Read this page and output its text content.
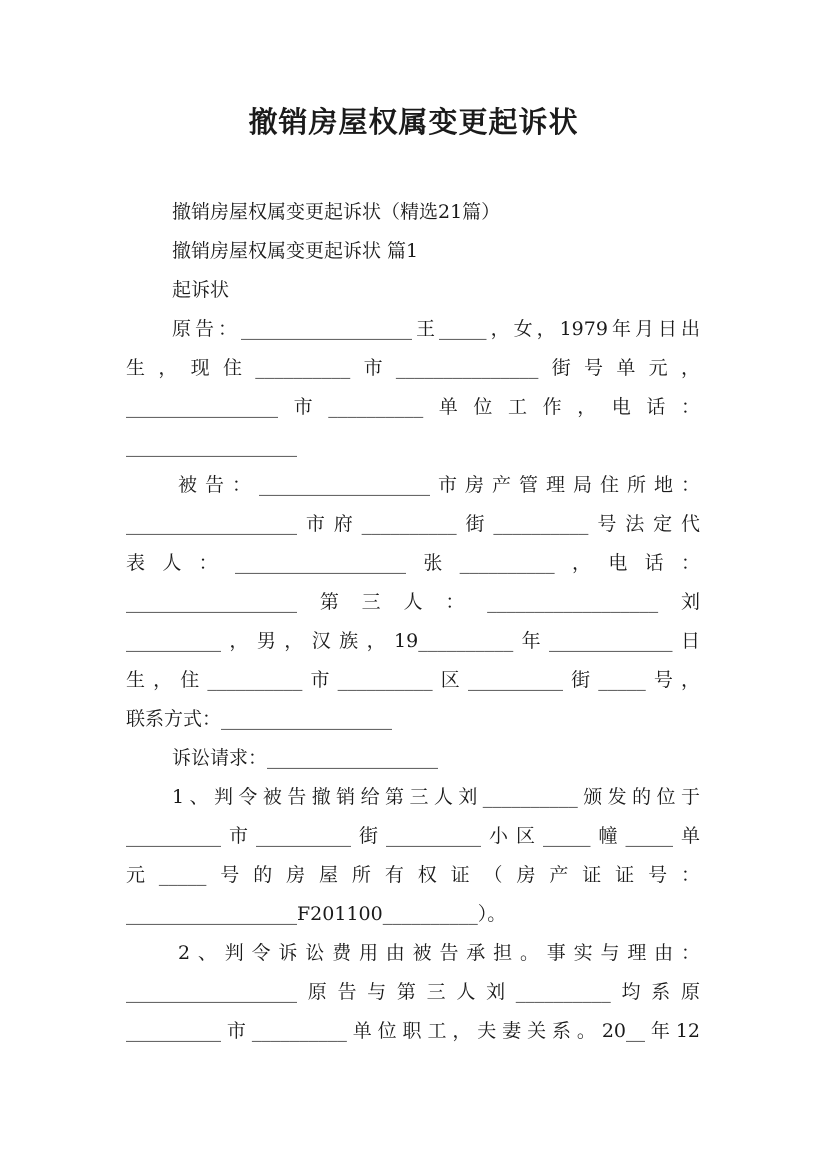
撤销房屋权属变更起诉状
撤销房屋权属变更起诉状（精选21篇）
撤销房屋权属变更起诉状 篇1
起诉状
原告：__________________王_____，女，1979年月日出
生，现住__________市_______________街号单元，
________________市__________单位工作，电话：
__________________
被告：__________________市房产管理局住所地：
__________________市府__________街__________号法定代
表人：__________________张__________，电话：
__________________第三人：__________________刘
__________，男，汉族，19__________年_____________日
生，住__________市__________区__________街_____号，
联系方式：__________________
诉讼请求：__________________
1、判令被告撤销给第三人刘__________颁发的位于
__________市__________街__________小区_____幢_____单
元_____号的房屋所有权证（房产证证号：
__________________F201100__________）。
2、判令诉讼费用由被告承担。事实与理由：
__________________原告与第三人刘__________均系原
__________市__________单位职工，夫妻关系。20__年12
